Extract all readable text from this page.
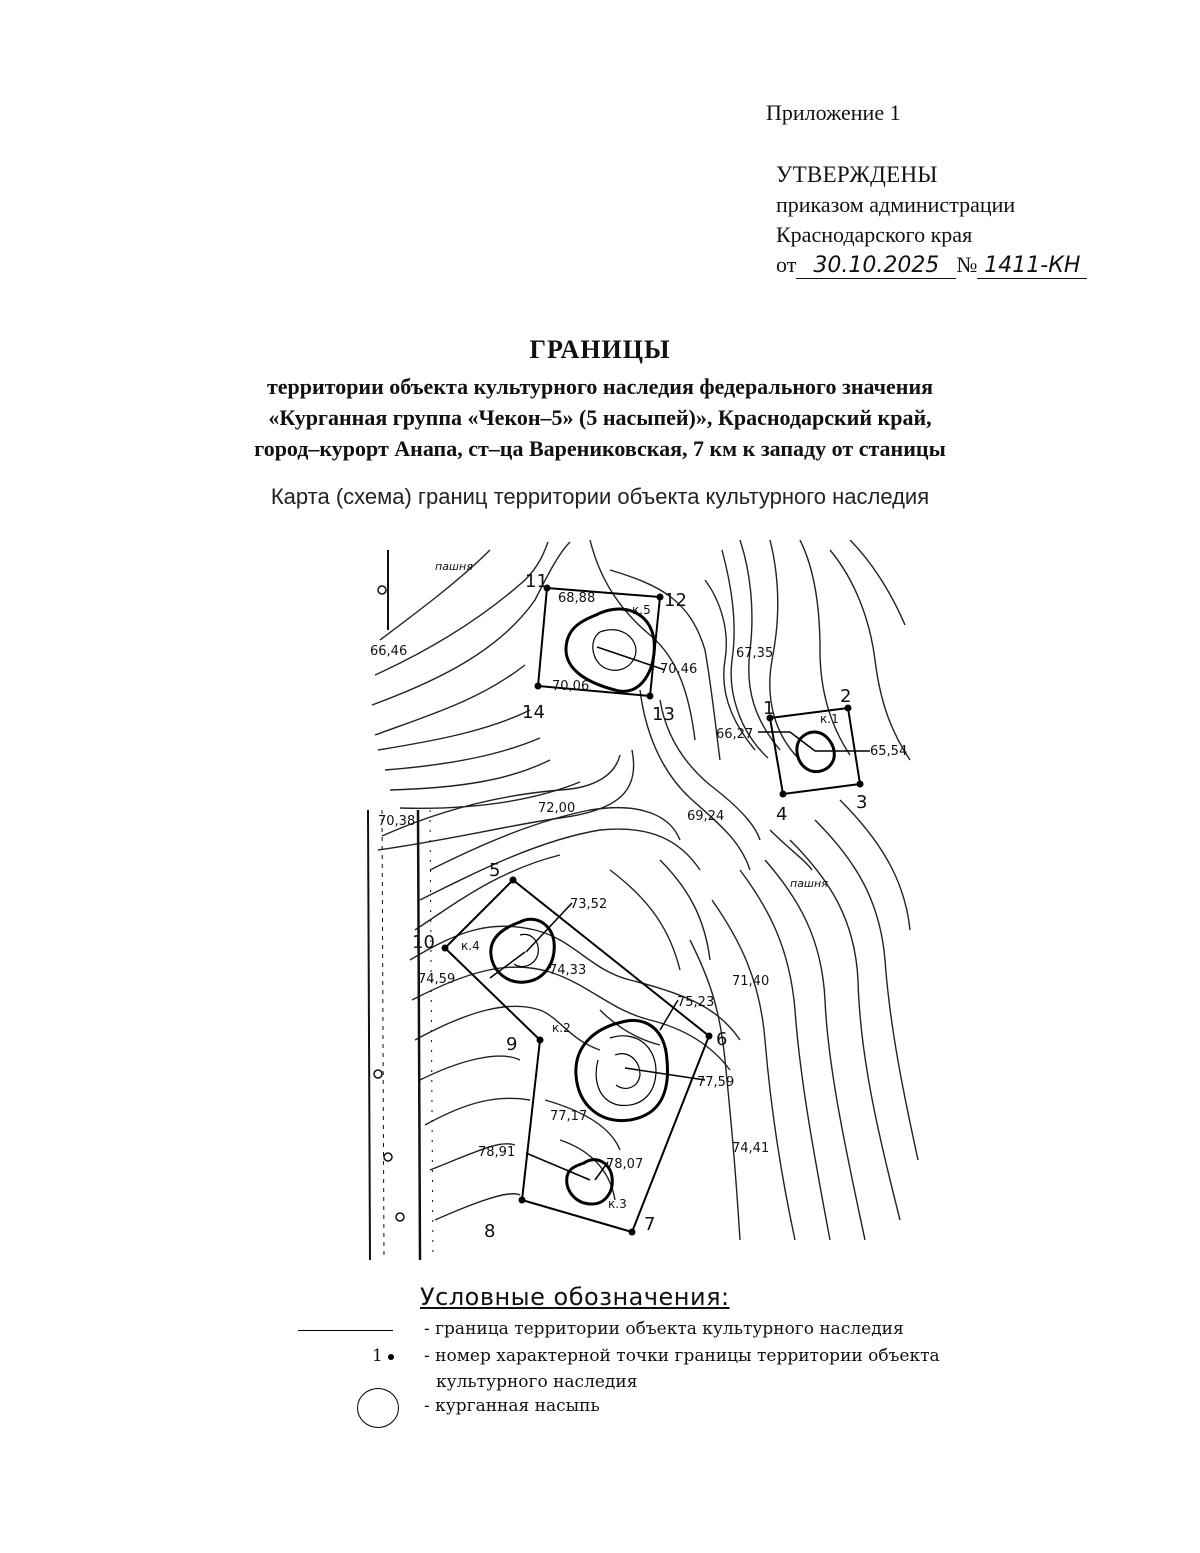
Приложение 1
УТВЕРЖДЕНЫ
приказом администрации
Краснодарского края
от 30.10.2025 № 1411-КН
ГРАНИЦЫ
территории объекта культурного наследия федерального значения
«Курганная группа «Чекон–5» (5 насыпей)», Краснодарский край,
город–курорт Анапа, ст–ца Варениковская, 7 км к западу от станицы
Карта (схема) границ территории объекта культурного наследия
пашня
пашня
1
2
3
4
5
6
7
8
9
10
11
12
13
14	к.1
к.2
к.3
к.4
к.5
66,46
68,88
70,46
70,06
67,35
66,27
65,54
70,38
72,00
69,24
73,52
74,59
74,33
71,40
75,23
77,59
77,17
74,41
78,91
78,07
Условные обозначения:
- граница территории объекта культурного наследия
1	- номер характерной точки границы территории объекта
культурного наследия
- курганная насыпь
